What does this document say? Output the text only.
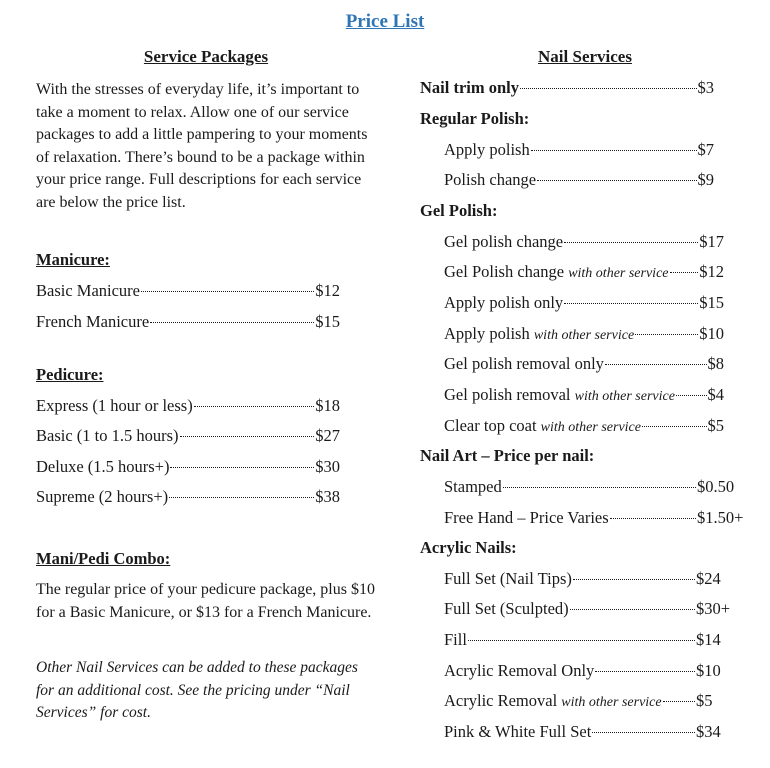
Price List
Service Packages
With the stresses of everyday life, it’s important to take a moment to relax. Allow one of our service packages to add a little pampering to your moments of relaxation. There’s bound to be a package within your price range. Full descriptions for each service are below the price list.
Manicure:
Basic Manicure	$12
French Manicure	$15
Pedicure:
Express (1 hour or less)	$18
Basic (1 to 1.5 hours)	$27
Deluxe (1.5 hours+)	$30
Supreme (2 hours+)	$38
Mani/Pedi Combo:
The regular price of your pedicure package, plus $10 for a Basic Manicure, or $13 for a French Manicure.
Other Nail Services can be added to these packages for an additional cost. See the pricing under “Nail Services” for cost.
Nail Services
Nail trim only	$3
Regular Polish:
Apply polish	$7
Polish change	$9
Gel Polish:
Gel polish change	$17
Gel Polish change with other service $12
Apply polish only	$15
Apply polish with other service	$10
Gel polish removal only	$8
Gel polish removal with other service $4
Clear top coat with other service	$5
Nail Art – Price per nail:
Stamped	$0.50
Free Hand – Price Varies	$1.50+
Acrylic Nails:
Full Set (Nail Tips)	$24
Full Set (Sculpted)	$30+
Fill	$14
Acrylic Removal Only	$10
Acrylic Removal with other service $5
Pink & White Full Set	$34
